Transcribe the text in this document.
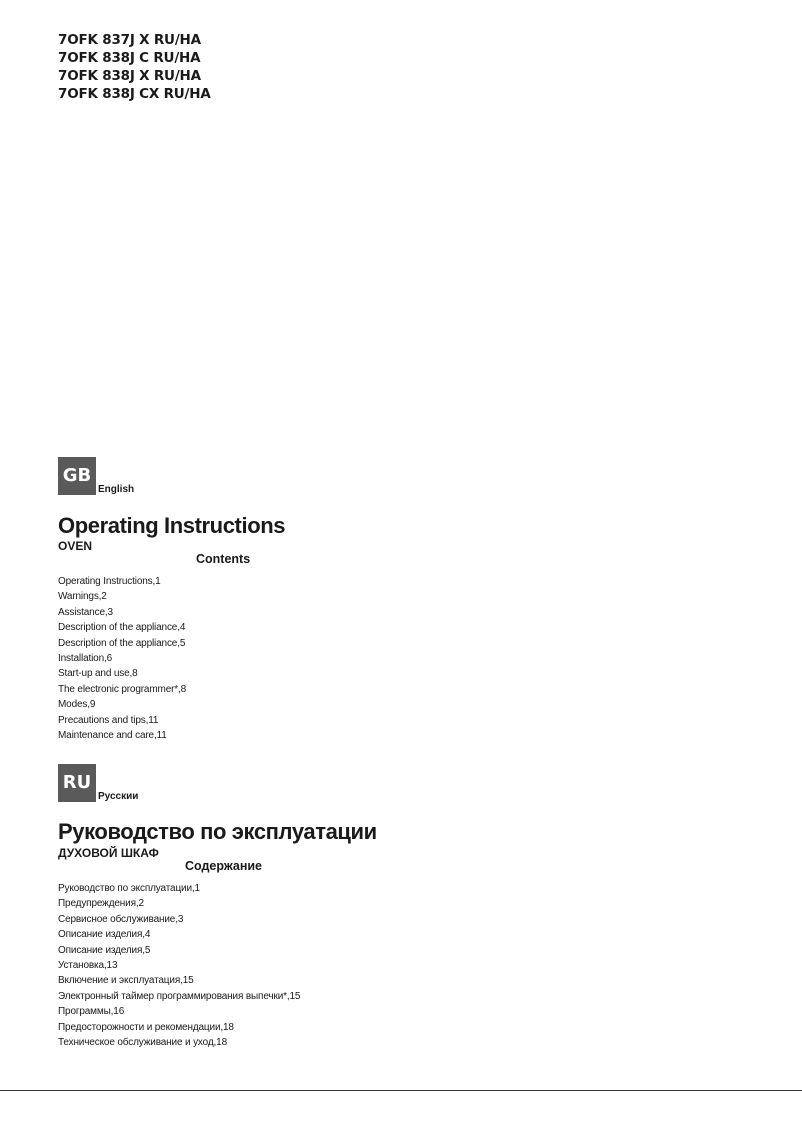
7OFK 837J X RU/HA
7OFK 838J C RU/HA
7OFK 838J X RU/HA
7OFK 838J CX RU/HA
GB
English
Operating Instructions
OVEN
Contents
Operating Instructions,1
Warnings,2
Assistance,3
Description of the appliance,4
Description of the appliance,5
Installation,6
Start-up and use,8
The electronic programmer*,8
Modes,9
Precautions and tips,11
Maintenance and care,11
RU
Русскии
Руководство по эксплуатации
ДУХОВОЙ ШКАФ
Содержание
Руководство по эксплуатации,1
Предупреждения,2
Сервисное обслуживание,3
Описание изделия,4
Описание изделия,5
Установка,13
Включение и эксплуатация,15
Электронный таймер программирования выпечки*,15
Программы,16
Предосторожности и рекомендации,18
Техническое обслуживание и уход,18
